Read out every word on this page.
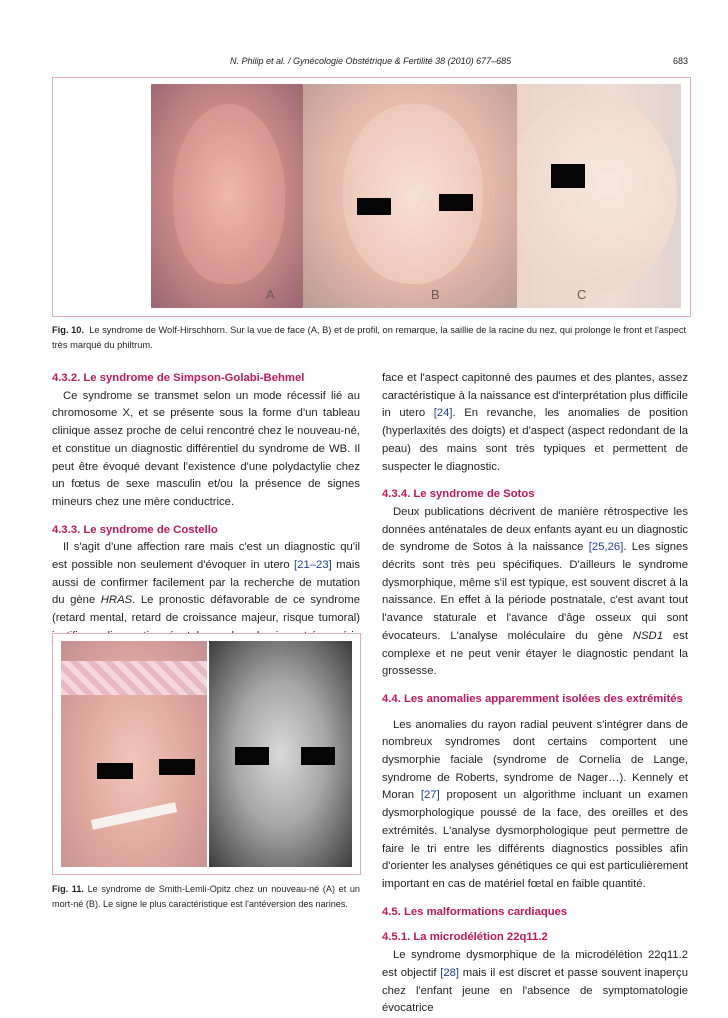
N. Philip et al. / Gynécologie Obstétrique & Fertilité 38 (2010) 677–685	683
A	B	C
Fig. 10. Le syndrome de Wolf-Hirschhorn. Sur la vue de face (A, B) et de profil, on remarque, la saillie de la racine du nez, qui prolonge le front et l'aspect très marqué du philtrum.
4.3.2. Le syndrome de Simpson-Golabi-Behmel

Ce syndrome se transmet selon un mode récessif lié au chromosome X, et se présente sous la forme d'un tableau clinique assez proche de celui rencontré chez le nouveau-né, et constitue un diagnostic différentiel du syndrome de WB. Il peut être évoqué devant l'existence d'une polydactylie chez un fœtus de sexe masculin et/ou la présence de signes mineurs chez une mère conductrice.

4.3.3. Le syndrome de Costello

Il s'agit d'une affection rare mais c'est un diagnostic qu'il est possible non seulement d'évoquer in utero [21–23] mais aussi de confirmer facilement par la recherche de mutation du gène HRAS. Le pronostic défavorable de ce syndrome (retard mental, retard de croissance majeur, risque tumoral)

Fig. 11. Le syndrome de Smith-Lemli-Opitz chez un nouveau-né (A) et un mort-né (B). Le signe le plus caractéristique est l'antéversion des narines.

face et l'aspect capitonné des paumes et des plantes, assez caractéristique à la naissance est d'interprétation plus difficile in utero [24]. En revanche, les anomalies de position (hyperlaxités des doigts) et d'aspect (aspect redondant de la peau) des mains sont très typiques et permettent de suspecter le diagnostic.

4.3.4. Le syndrome de Sotos

Deux publications décrivent de manière rétrospective les données anténatales de deux enfants ayant eu un diagnostic de syndrome de Sotos à la naissance [25,26]. Les signes décrits sont très peu spécifiques. D'ailleurs le syndrome dysmorphique, même s'il est typique, est souvent discret à la naissance. En effet à la période postnatale, c'est avant tout l'avance staturale et l'avance d'âge osseux qui sont évocateurs. L'analyse moléculaire du gène NSD1 est complexe et ne peut venir étayer le diagnostic pendant la grossesse.

4.4. Les anomalies apparemment isolées des extrémités

Les anomalies du rayon radial peuvent s'intégrer dans de nombreux syndromes dont certains comportent une dysmorphie faciale (syndrome de Cornelia de Lange, syndrome de Roberts, syndrome de Nager…). Kennely et Moran [27] proposent un algorithme incluant un examen dysmorphologique poussé de la face, des oreilles et des extrémités. L'analyse dysmorphologique peut permettre de faire le tri entre les différents diagnostics possibles afin d'orienter les analyses génétiques ce qui est particulièrement important en cas de matériel fœtal en faible quantité.

4.5. Les malformations cardiaques
4.5.1. La microdélétion 22q11.2

Le syndrome dysmorphique de la microdélétion 22q11.2 est objectif [28] mais il est discret et passe souvent inaperçu chez l'enfant jeune en l'absence de symptomatologie évocatrice
